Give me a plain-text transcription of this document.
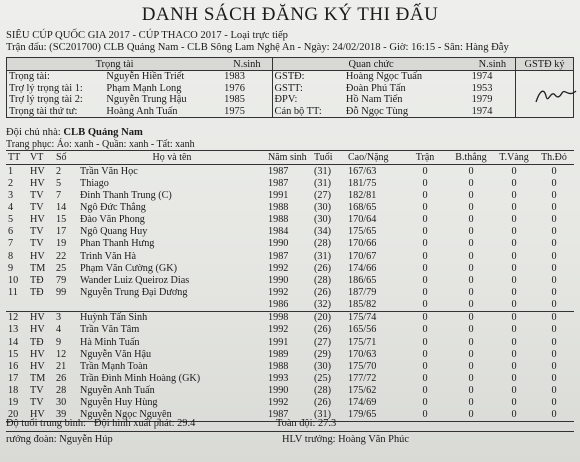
DANH SÁCH ĐĂNG KÝ THI ĐẤU
SIÊU CÚP QUỐC GIA 2017 - CÚP THACO 2017 - Loại trực tiếp
Trận đấu: (SC201700) CLB Quảng Nam - CLB Sông Lam Nghệ An - Ngày: 24/02/2018 - Giờ: 16:15 - Sân: Hàng Đẫy
Trọng tài		N.sinh	Quan chức		N.sinh	GSTĐ ký
Trọng tài:	Nguyễn Hiền Triết	1983	GSTĐ:	Hoàng Ngọc Tuấn	1974	
Trợ lý trọng tài 1:	Phạm Mạnh Long	1976	GSTT:	Đoàn Phú Tấn	1953	
Trợ lý trọng tài 2:	Nguyễn Trung Hậu	1985	ĐPV:	Hồ Nam Tiến	1979	
Trọng tài thứ tư:	Hoàng Anh Tuấn	1975	Cán bộ TT:	Đỗ Ngọc Tùng	1974	
Đội chủ nhà: CLB Quảng Nam
Trang phục: Áo: xanh - Quần: xanh - Tất: xanh
TT	VT	Số	Họ và tên	Năm sinh	Tuổi	Cao/Nặng	Trận	B.thắng	T.Vàng	Th.Đỏ
1	HV	2	Trần Văn Học	1987	(31)	167/63	0	0	0	0
2	HV	5	Thiago	1987	(31)	181/75	0	0	0	0
3	TV	7	Đinh Thanh Trung (C)	1991	(27)	182/81	0	0	0	0
4	TV	14	Ngô Đức Thắng	1988	(30)	168/65	0	0	0	0
5	HV	15	Đào Văn Phong	1988	(30)	170/64	0	0	0	0
6	TV	17	Ngô Quang Huy	1984	(34)	175/65	0	0	0	0
7	TV	19	Phan Thanh Hưng	1990	(28)	170/66	0	0	0	0
8	HV	22	Trình Văn Hà	1987	(31)	170/67	0	0	0	0
9	TM	25	Phạm Văn Cường (GK)	1992	(26)	174/66	0	0	0	0
10	TĐ	79	Wander Luiz Queiroz Dias	1990	(28)	186/65	0	0	0	0
11	TĐ	99	Nguyễn Trung Đại Dương	1992	(26)	187/79	0	0	0	0
				1986	(32)	185/82	0	0	0	0
12	HV	3	Huỳnh Tấn Sinh	1998	(20)	175/74	0	0	0	0
13	HV	4	Trần Văn Tâm	1992	(26)	165/56	0	0	0	0
14	TĐ	9	Hà Minh Tuấn	1991	(27)	175/71	0	0	0	0
15	HV	12	Nguyễn Văn Hậu	1989	(29)	170/63	0	0	0	0
16	HV	21	Trần Mạnh Toàn	1988	(30)	175/70	0	0	0	0
17	TM	26	Trần Đình Minh Hoàng (GK)	1993	(25)	177/72	0	0	0	0
18	TV	28	Nguyễn Anh Tuấn	1990	(28)	175/62	0	0	0	0
19	TV	30	Nguyễn Huy Hùng	1992	(26)	174/69	0	0	0	0
20	HV	39	Nguyễn Ngọc Nguyên	1987	(31)	179/65	0	0	0	0
Độ tuổi trung bình: Đội hình xuất phát: 29.4	Toàn đội: 27.3
rưởng đoàn: Nguyễn Húp	HLV trưởng: Hoàng Văn Phúc
